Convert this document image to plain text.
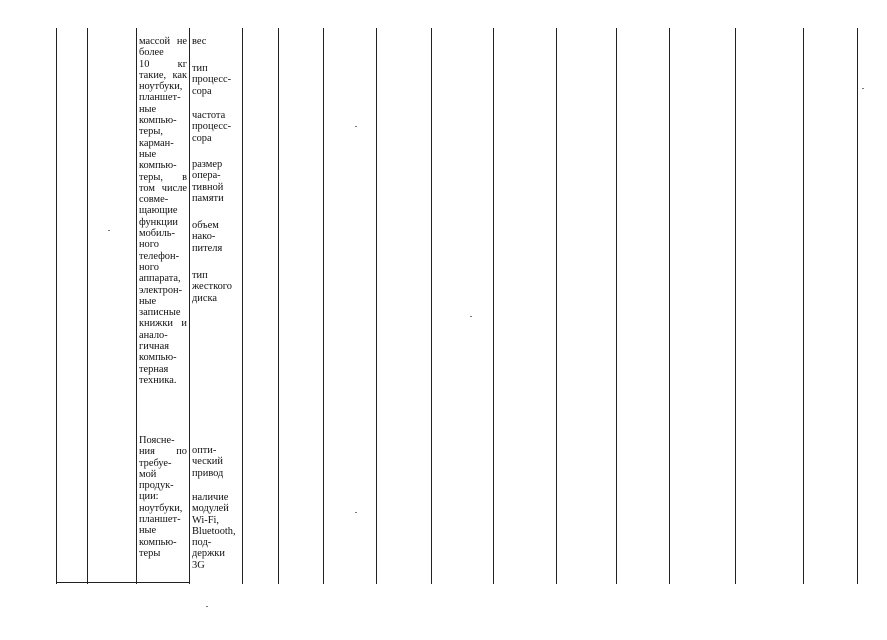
массой не
более
10 кг
такие, как
ноутбуки,
планшет-
ные
компью-
теры,
карман-
ные
компью-
теры, в
том числе
совме-
щающие
функции
мобиль-
ного
телефон-
ного
аппарата,
электрон-
ные
записные
книжки и
анало-
гичная
компью-
терная
техника.
Поясне-
ния по
требуе-
мой
продук-
ции:
ноутбуки,
планшет-
ные
компью-
теры
вес
тип
процесс-
сора
частота
процесс-
сора
размер
опера-
тивной
памяти
объем
нако-
пителя
тип
жесткого
диска
опти-
ческий
привод
наличие
модулей
Wi-Fi,
Bluetooth,
под-
держки
3G
